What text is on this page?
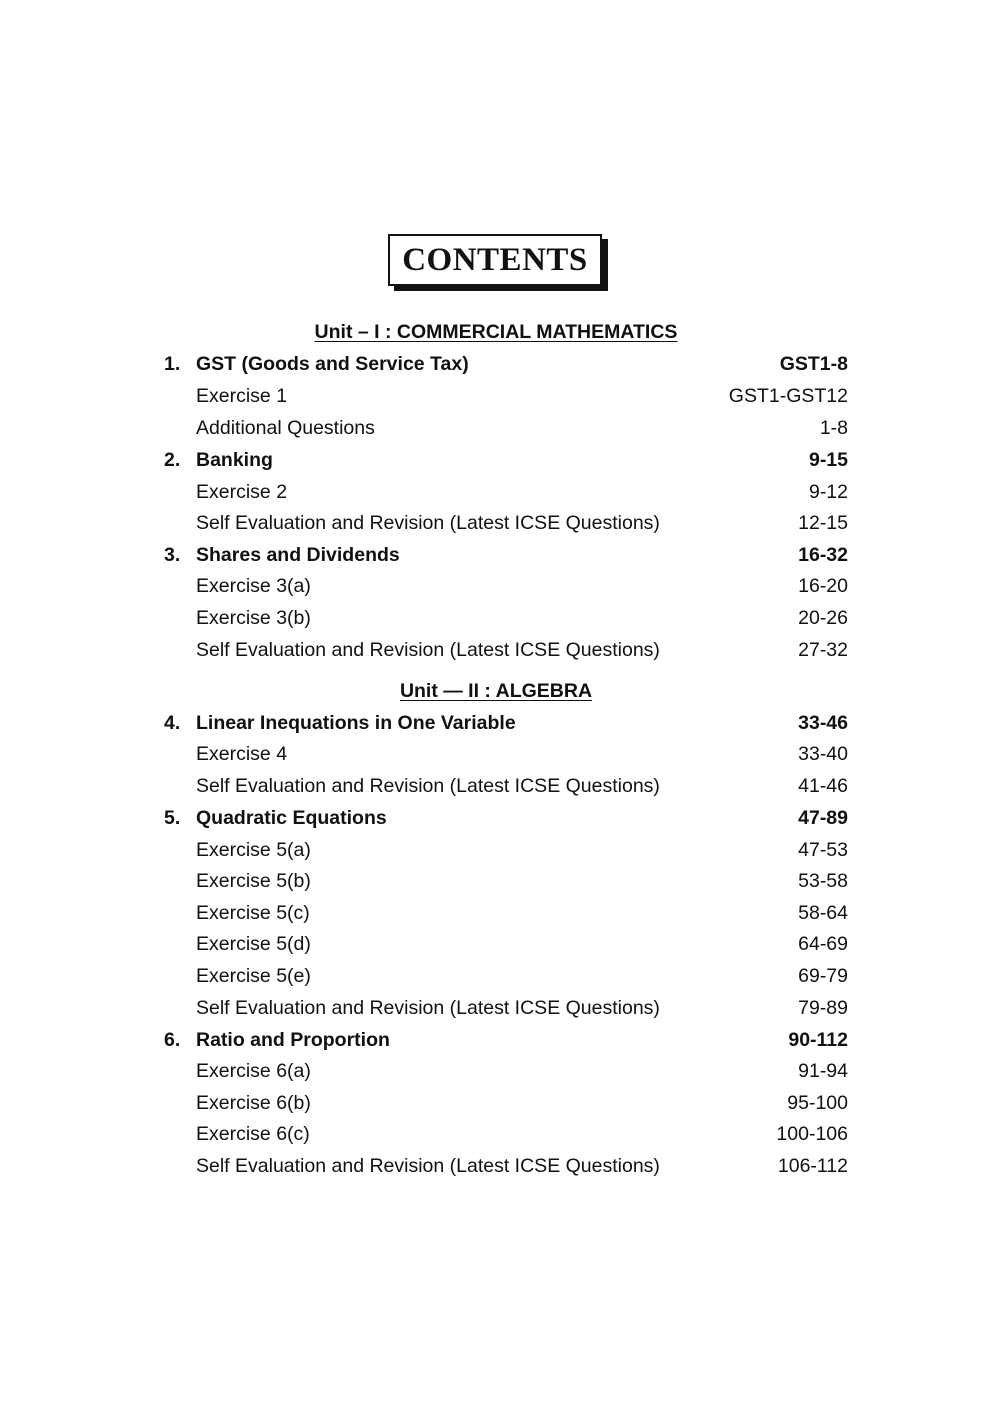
CONTENTS
Unit – I : COMMERCIAL MATHEMATICS
1. GST (Goods and Service Tax)	GST1-8
Exercise 1	GST1-GST12
Additional Questions	1-8
2. Banking	9-15
Exercise 2	9-12
Self Evaluation and Revision (Latest ICSE Questions)	12-15
3. Shares and Dividends	16-32
Exercise 3(a)	16-20
Exercise 3(b)	20-26
Self Evaluation and Revision (Latest ICSE Questions)	27-32
Unit — II : ALGEBRA
4. Linear Inequations in One Variable	33-46
Exercise 4	33-40
Self Evaluation and Revision (Latest ICSE Questions)	41-46
5. Quadratic Equations	47-89
Exercise 5(a)	47-53
Exercise 5(b)	53-58
Exercise 5(c)	58-64
Exercise 5(d)	64-69
Exercise 5(e)	69-79
Self Evaluation and Revision (Latest ICSE Questions)	79-89
6. Ratio and Proportion	90-112
Exercise 6(a)	91-94
Exercise 6(b)	95-100
Exercise 6(c)	100-106
Self Evaluation and Revision (Latest ICSE Questions)	106-112
